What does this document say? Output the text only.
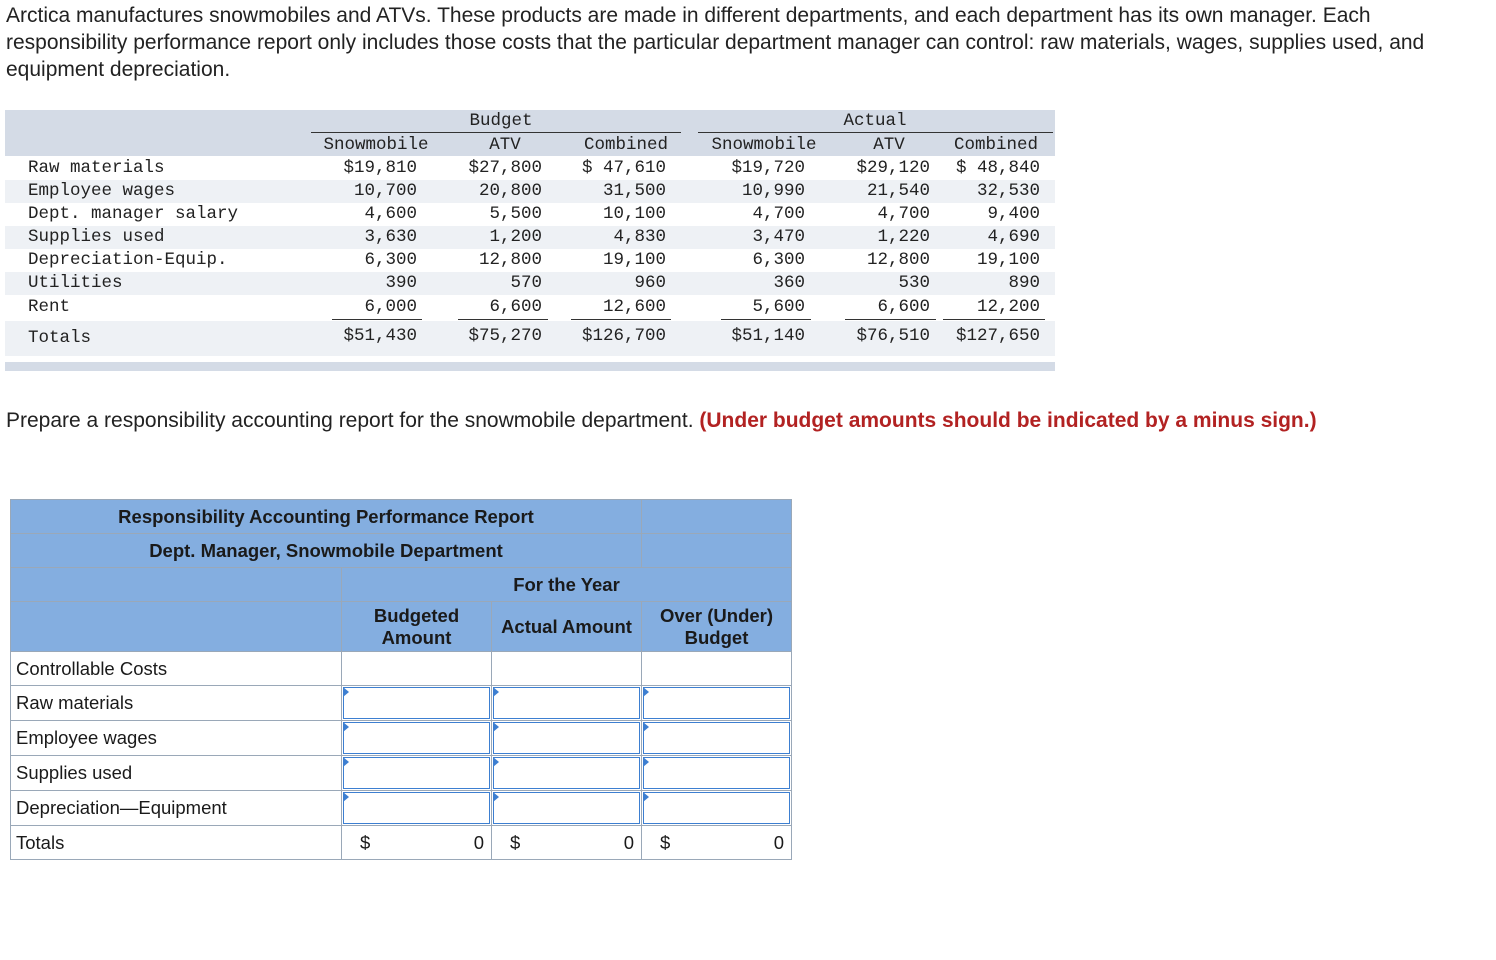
Arctica manufactures snowmobiles and ATVs. These products are made in different departments, and each department has its own manager. Each responsibility performance report only includes those costs that the particular department manager can control: raw materials, wages, supplies used, and equipment depreciation.

Budget	Actual
Snowmobile	ATV	Combined	Snowmobile	ATV	Combined
Raw materials	$19,810	$27,800	$ 47,610	$19,720	$29,120	$ 48,840
Employee wages	10,700	20,800	31,500	10,990	21,540	32,530
Dept. manager salary	4,600	5,500	10,100	4,700	4,700	9,400
Supplies used	3,630	1,200	4,830	3,470	1,220	4,690
Depreciation-Equip.	6,300	12,800	19,100	6,300	12,800	19,100
Utilities	390	570	960	360	530	890
Rent	6,000	6,600	12,600	5,600	6,600	12,200
Totals	$51,430	$75,270	$126,700	$51,140	$76,510	$127,650
Prepare a responsibility accounting report for the snowmobile department. (Under budget amounts should be indicated by a minus sign.)
Responsibility Accounting Performance Report			
Dept. Manager, Snowmobile Department			
	For the Year		
	Budgeted Amount	Actual Amount	Over (Under) Budget
Controllable Costs			
Raw materials	

Employee wages	

Supplies used	

Depreciation—Equipment	

Totals	$ 0	$ 0	$ 0
